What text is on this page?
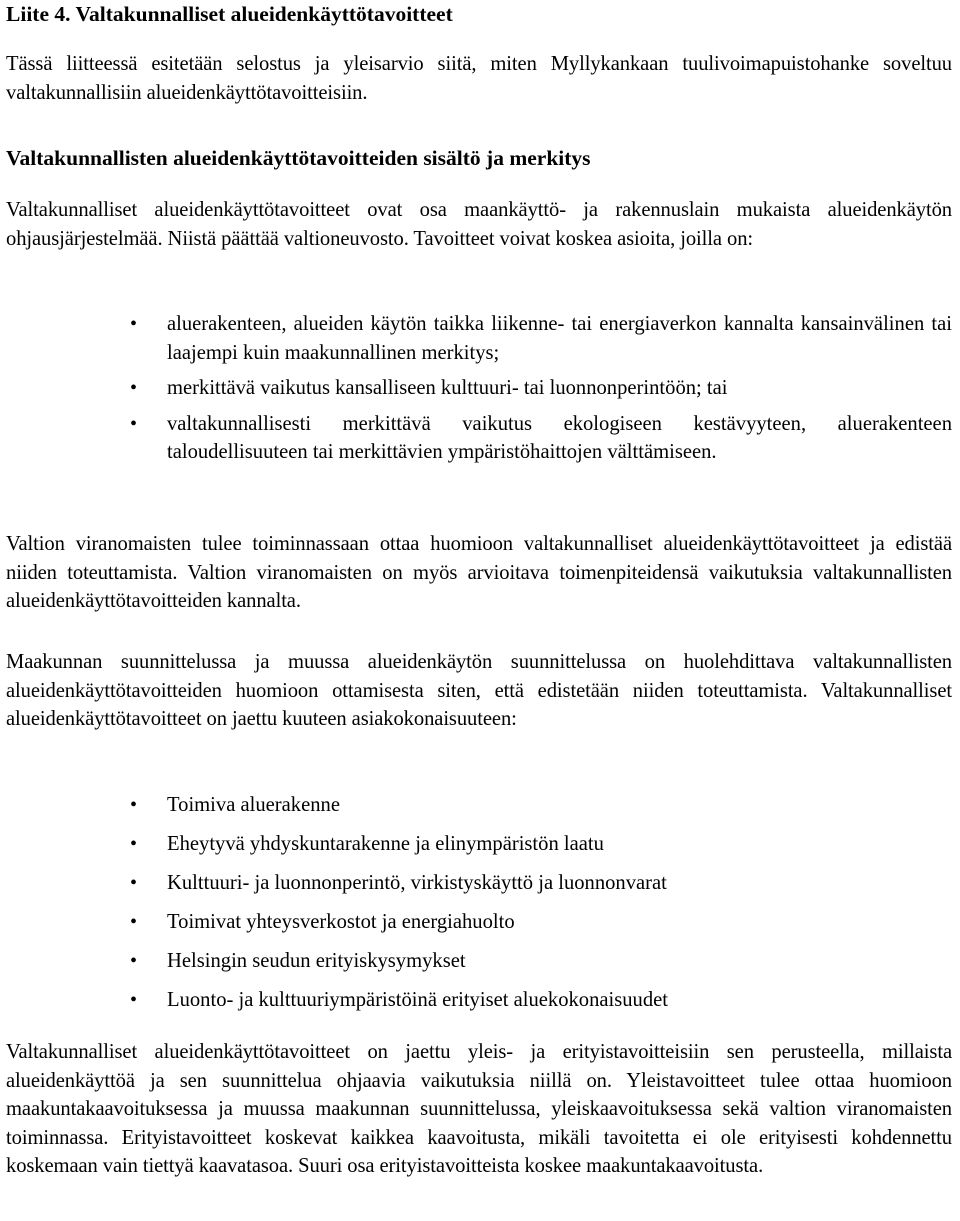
Liite 4. Valtakunnalliset alueidenkäyttötavoitteet

Tässä liitteessä esitetään selostus ja yleisarvio siitä, miten Myllykankaan tuulivoimapuistohanke soveltuu valtakunnallisiin alueidenkäyttötavoitteisiin.

Valtakunnallisten alueidenkäyttötavoitteiden sisältö ja merkitys

Valtakunnalliset alueidenkäyttötavoitteet ovat osa maankäyttö- ja rakennuslain mukaista alueidenkäytön ohjausjärjestelmää. Niistä päättää valtioneuvosto. Tavoitteet voivat koskea asioita, joilla on:

• aluerakenteen, alueiden käytön taikka liikenne- tai energiaverkon kannalta kansainvälinen tai laajempi kuin maakunnallinen merkitys;
• merkittävä vaikutus kansalliseen kulttuuri- tai luonnonperintöön; tai
• valtakunnallisesti merkittävä vaikutus ekologiseen kestävyyteen, aluerakenteen taloudellisuuteen tai merkittävien ympäristöhaittojen välttämiseen.

Valtion viranomaisten tulee toiminnassaan ottaa huomioon valtakunnalliset alueidenkäyttötavoitteet ja edistää niiden toteuttamista. Valtion viranomaisten on myös arvioitava toimenpiteidensä vaikutuksia valtakunnallisten alueidenkäyttötavoitteiden kannalta.

Maakunnan suunnittelussa ja muussa alueidenkäytön suunnittelussa on huolehdittava valtakunnallisten alueidenkäyttötavoitteiden huomioon ottamisesta siten, että edistetään niiden toteuttamista. Valtakunnalliset alueidenkäyttötavoitteet on jaettu kuuteen asiakokonaisuuteen:

• Toimiva aluerakenne
• Eheytyvä yhdyskuntarakenne ja elinympäristön laatu
• Kulttuuri- ja luonnonperintö, virkistyskäyttö ja luonnonvarat
• Toimivat yhteysverkostot ja energiahuolto
• Helsingin seudun erityiskysymykset
• Luonto- ja kulttuuriympäristöinä erityiset aluekokonaisuudet

Valtakunnalliset alueidenkäyttötavoitteet on jaettu yleis- ja erityistavoitteisiin sen perusteella, millaista alueidenkäyttöä ja sen suunnittelua ohjaavia vaikutuksia niillä on. Yleistavoitteet tulee ottaa huomioon maakuntakaavoituksessa ja muussa maakunnan suunnittelussa, yleiskaavoituksessa sekä valtion viranomaisten toiminnassa. Erityistavoitteet koskevat kaikkea kaavoitusta, mikäli tavoitetta ei ole erityisesti kohdennettu koskemaan vain tiettyä kaavatasoa. Suuri osa erityistavoitteista koskee maakuntakaavoitusta.
